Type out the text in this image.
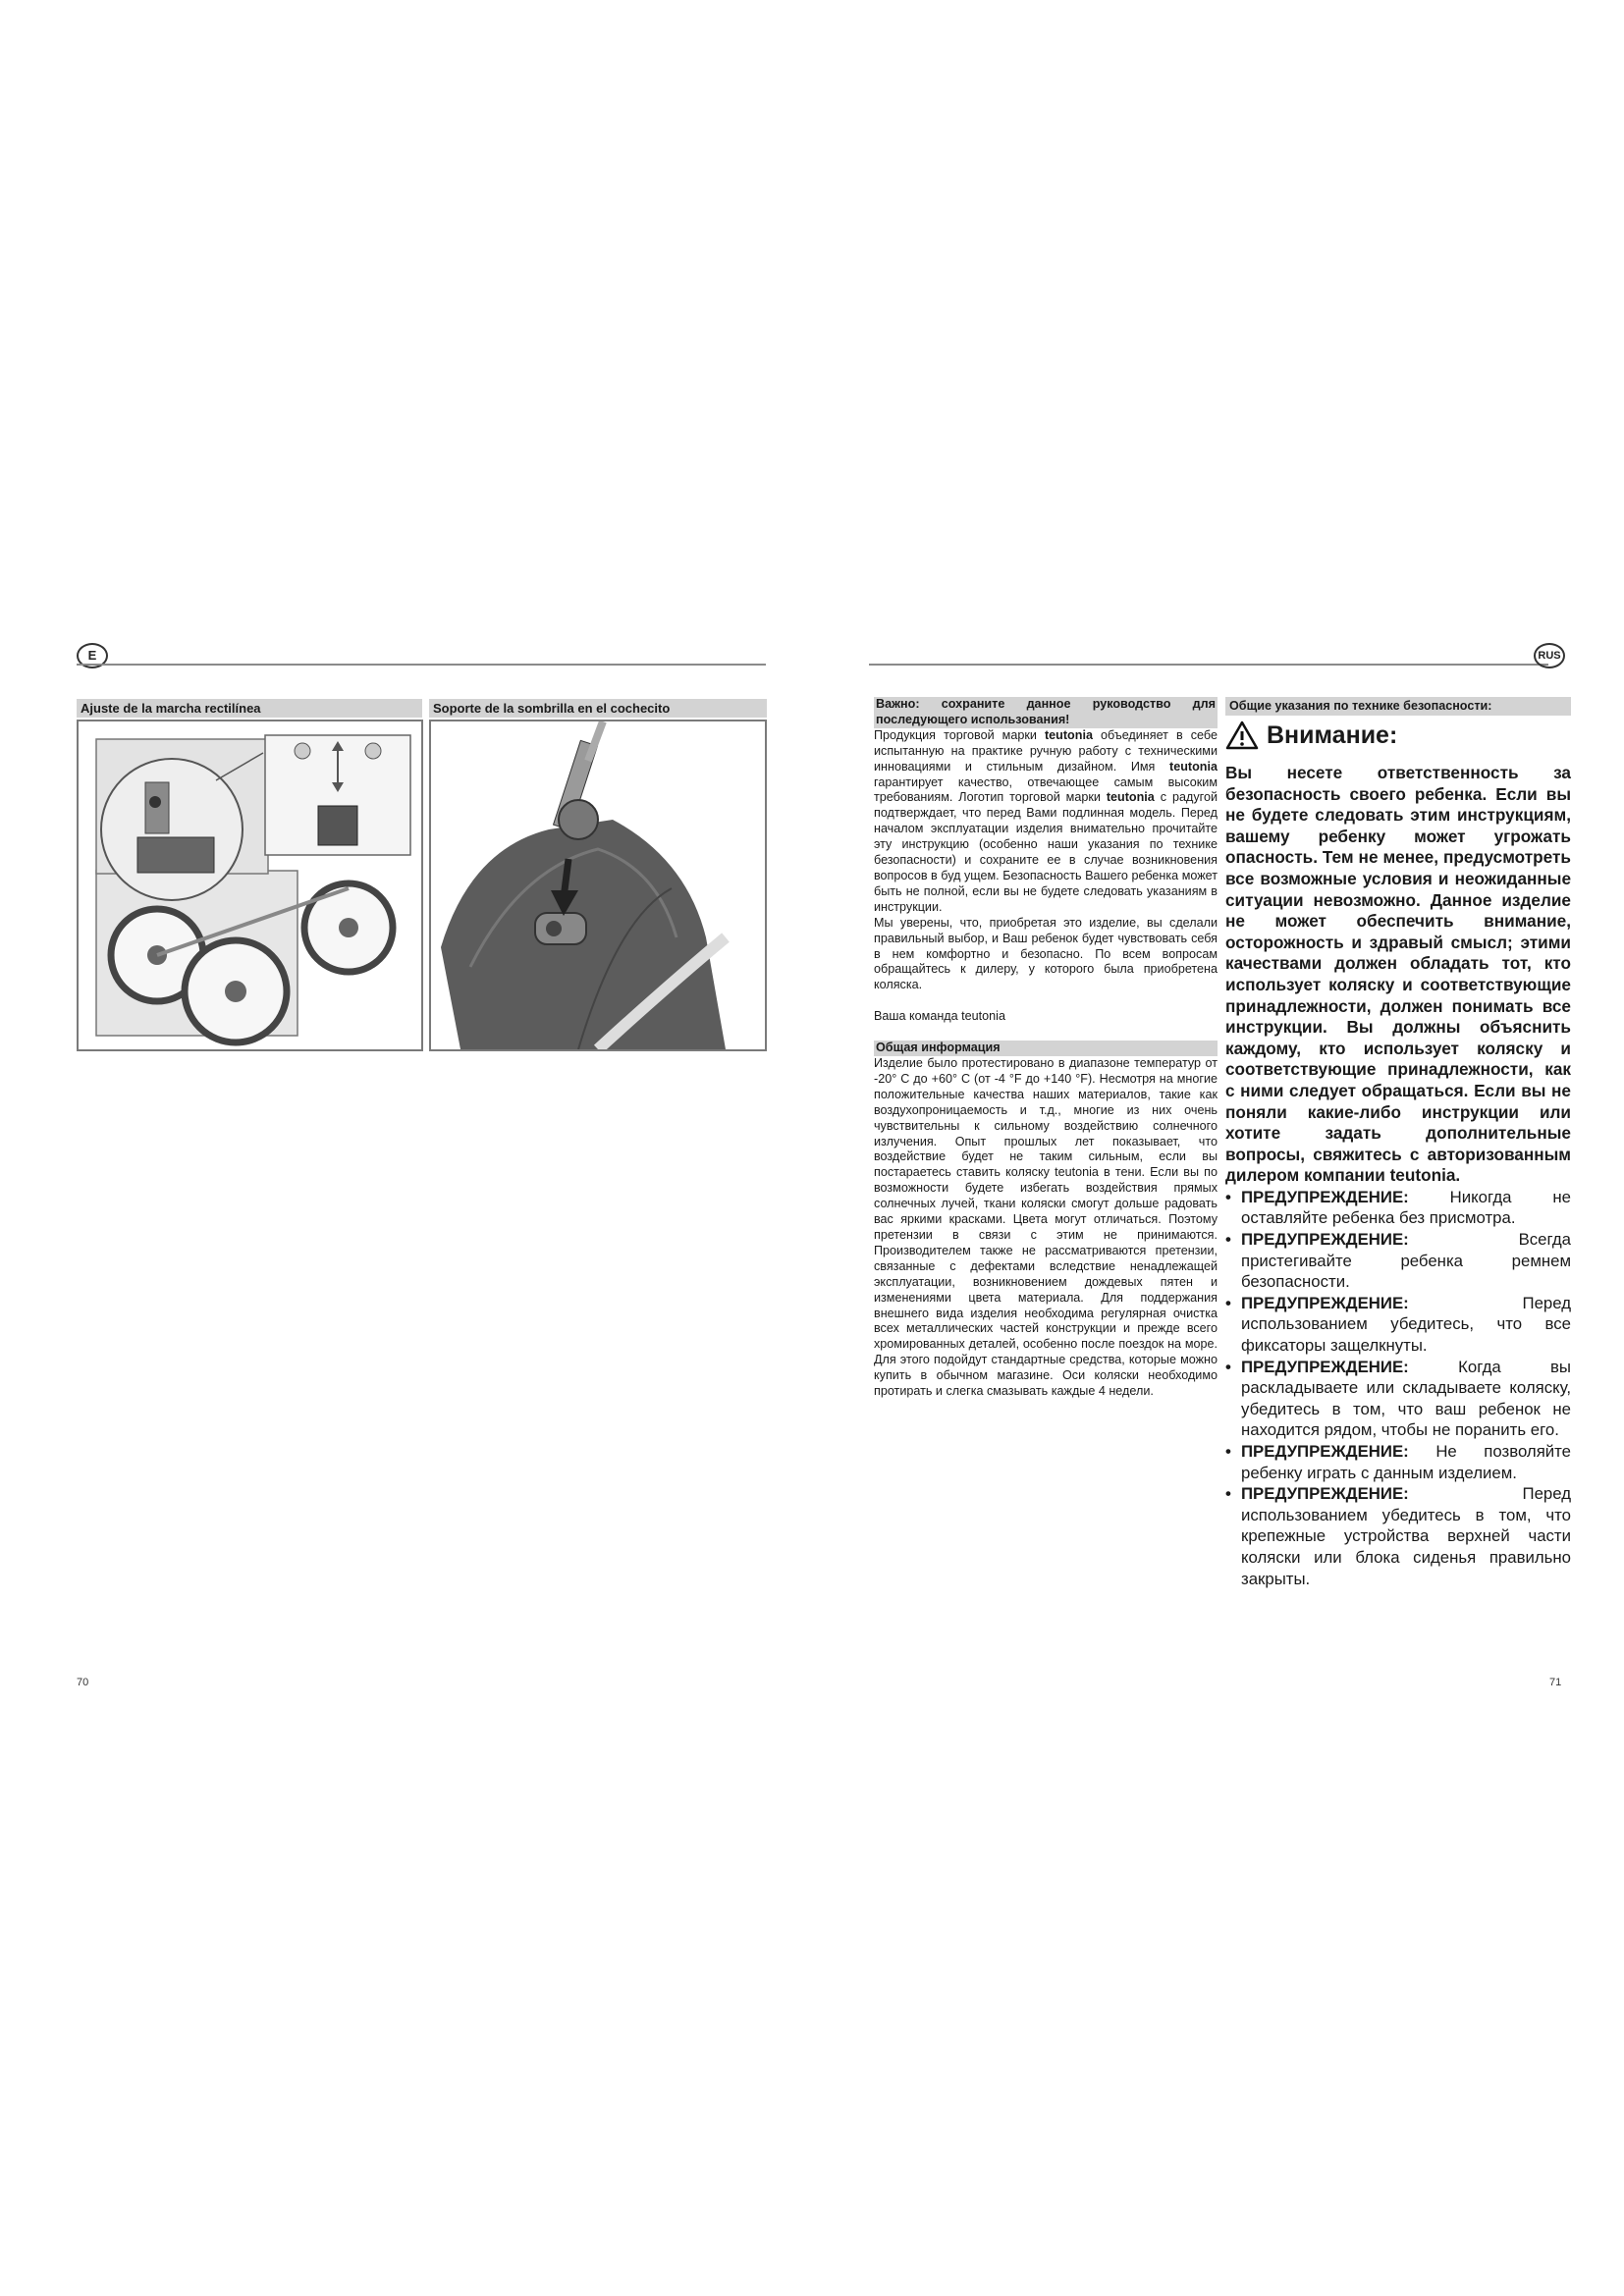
E
Ajuste de la marcha rectilínea	Soporte de la sombrilla en el cochecito
70
RUS

Важно: сохраните данное руководство для последующего использования!

Продукция торговой марки teutonia объединяет в себе испытанную на практике ручную работу с техническими инновациями и стильным дизайном. Имя teutonia гарантирует качество, отвечающее самым высоким требованиям. Логотип торговой марки teutonia с радугой подтверждает, что перед Вами подлинная модель. Перед началом эксплуатации изделия внимательно прочитайте эту инструкцию (особенно наши указания по технике безопасности) и сохраните ее в случае возникновения вопросов в буд ущем. Безопасность Вашего ребенка может быть не полной, если вы не будете следовать указаниям в инструкции.

Мы уверены, что, приобретая это изделие, вы сделали правильный выбор, и Ваш ребенок будет чувствовать себя в нем комфортно и безопасно. По всем вопросам обращайтесь к дилеру, у которого была приобретена коляска.

Ваша команда teutonia

Общая информация

Изделие было протестировано в диапазоне температур от -20° С до +60° С (от -4 °F до +140 °F). Несмотря на многие положительные качества наших материалов, такие как воздухопроницаемость и т.д., многие из них очень чувствительны к сильному воздействию солнечного излучения. Опыт прошлых лет показывает, что воздействие будет не таким сильным, если вы постараетесь ставить коляску teutonia в тени. Если вы по возможности будете избегать воздействия прямых солнечных лучей, ткани коляски смогут дольше радовать вас яркими красками. Цвета могут отличаться. Поэтому претензии в связи с этим не принимаются. Производителем также не рассматриваются претензии, связанные с дефектами вследствие ненадлежащей эксплуатации, возникновением дождевых пятен и изменениями цвета материала. Для поддержания внешнего вида изделия необходима регулярная очистка всех металлических частей конструкции и прежде всего хромированных деталей, особенно после поездок на море. Для этого подойдут стандартные средства, которые можно купить в обычном магазине. Оси коляски необходимо протирать и слегка смазывать каждые 4 недели.

Общие указания по технике безопасности:
Внимание:

Вы несете ответственность за безопасность своего ребенка. Если вы не будете следовать этим инструкциям, вашему ребенку может угрожать опасность. Тем не менее, предусмотреть все возможные условия и неожиданные ситуации невозможно. Данное изделие не может обеспечить внимание, осторожность и здравый смысл; этими качествами должен обладать тот, кто использует коляску и соответствующие принадлежности, должен понимать все инструкции. Вы должны объяснить каждому, кто использует коляску и соответствующие принадлежности, как с ними следует обращаться. Если вы не поняли какие-либо инструкции или хотите задать дополнительные вопросы, свяжитесь с авторизованным дилером компании teutonia.

• ПРЕДУПРЕЖДЕНИЕ: Никогда не оставляйте ребенка без присмотра.
• ПРЕДУПРЕЖДЕНИЕ:	Всегда пристегивайте ребенка ремнем безопасности.
• ПРЕДУПРЕЖДЕНИЕ:	Перед использованием убедитесь, что все фиксаторы защелкнуты.
• ПРЕДУПРЕЖДЕНИЕ:	Когда вы раскладываете или складываете коляску, убедитесь в том, что ваш ребенок не находится рядом, чтобы не поранить его.
• ПРЕДУПРЕЖДЕНИЕ: Не позволяйте ребенку играть с данным изделием.
• ПРЕДУПРЕЖДЕНИЕ:	Перед использованием убедитесь в том, что крепежные устройства верхней части коляски или блока сиденья правильно закрыты.
71
